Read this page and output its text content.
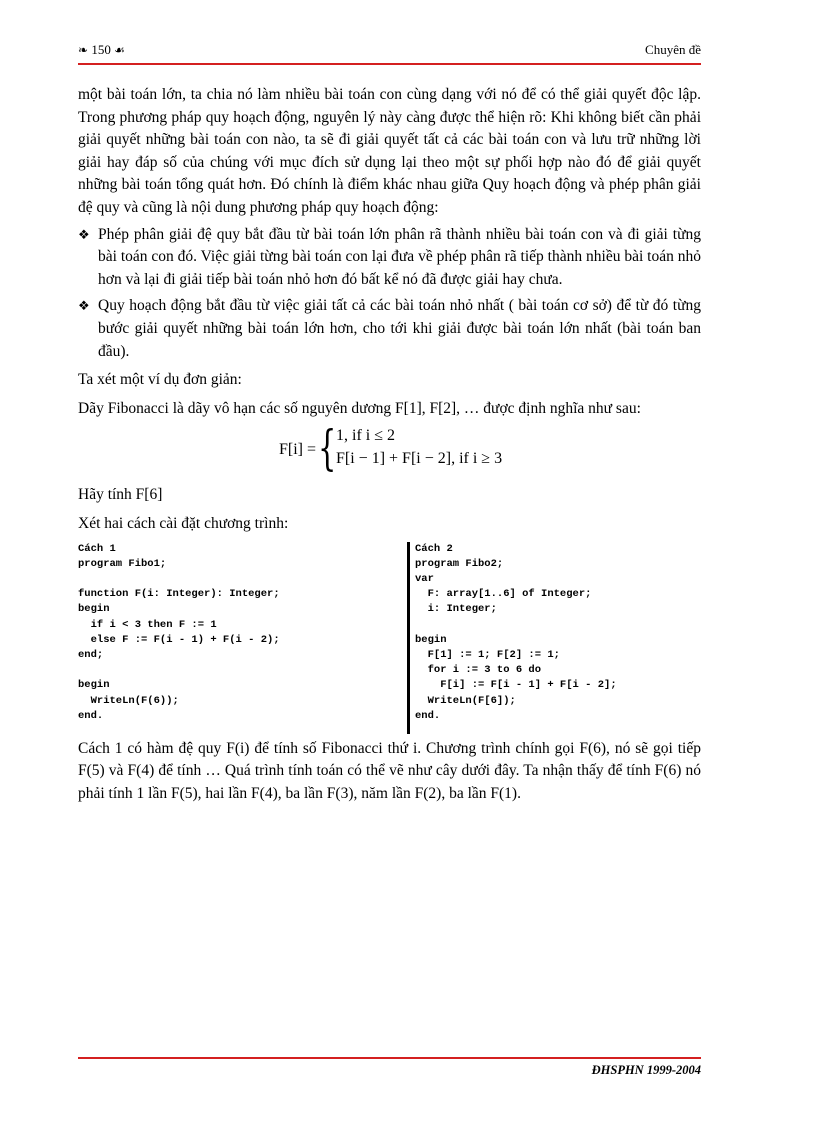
❧ 150 ☙	Chuyên đề

một bài toán lớn, ta chia nó làm nhiều bài toán con cùng dạng với nó để có thể giải quyết độc lập. Trong phương pháp quy hoạch động, nguyên lý này càng được thể hiện rõ: Khi không biết cần phải giải quyết những bài toán con nào, ta sẽ đi giải quyết tất cả các bài toán con và lưu trữ những lời giải hay đáp số của chúng với mục đích sử dụng lại theo một sự phối hợp nào đó để giải quyết những bài toán tổng quát hơn. Đó chính là điểm khác nhau giữa Quy hoạch động và phép phân giải đệ quy và cũng là nội dung phương pháp quy hoạch động:

❖ Phép phân giải đệ quy bắt đầu từ bài toán lớn phân rã thành nhiều bài toán con và đi giải từng bài toán con đó. Việc giải từng bài toán con lại đưa về phép phân rã tiếp thành nhiều bài toán nhỏ hơn và lại đi giải tiếp bài toán nhỏ hơn đó bất kể nó đã được giải hay chưa.
❖ Quy hoạch động bắt đầu từ việc giải tất cả các bài toán nhỏ nhất ( bài toán cơ sở) để từ đó từng bước giải quyết những bài toán lớn hơn, cho tới khi giải được bài toán lớn nhất (bài toán ban đầu).

Ta xét một ví dụ đơn giản:

Dãy Fibonacci là dãy vô hạn các số nguyên dương F[1], F[2], … được định nghĩa như sau:

F[i] = { 1, if i ≤ 2
F[i − 1] + F[i − 2], if i ≥ 3

Hãy tính F[6]

Xét hai cách cài đặt chương trình:

Cách 1
program Fibo1;

function F(i: Integer): Integer;
begin
if i < 3 then F := 1
else F := F(i - 1) + F(i - 2);
end;

begin
WriteLn(F(6));
end.
Cách 2
program Fibo2;
var
F: array[1..6] of Integer;
i: Integer;

begin
F[1] := 1; F[2] := 1;
for i := 3 to 6 do
F[i] := F[i - 1] + F[i - 2];
WriteLn(F[6]);
end.

Cách 1 có hàm đệ quy F(i) để tính số Fibonacci thứ i. Chương trình chính gọi F(6), nó sẽ gọi tiếp F(5) và F(4) để tính … Quá trình tính toán có thể vẽ như cây dưới đây. Ta nhận thấy để tính F(6) nó phải tính 1 lần F(5), hai lần F(4), ba lần F(3), năm lần F(2), ba lần F(1).

ĐHSPHN 1999-2004
